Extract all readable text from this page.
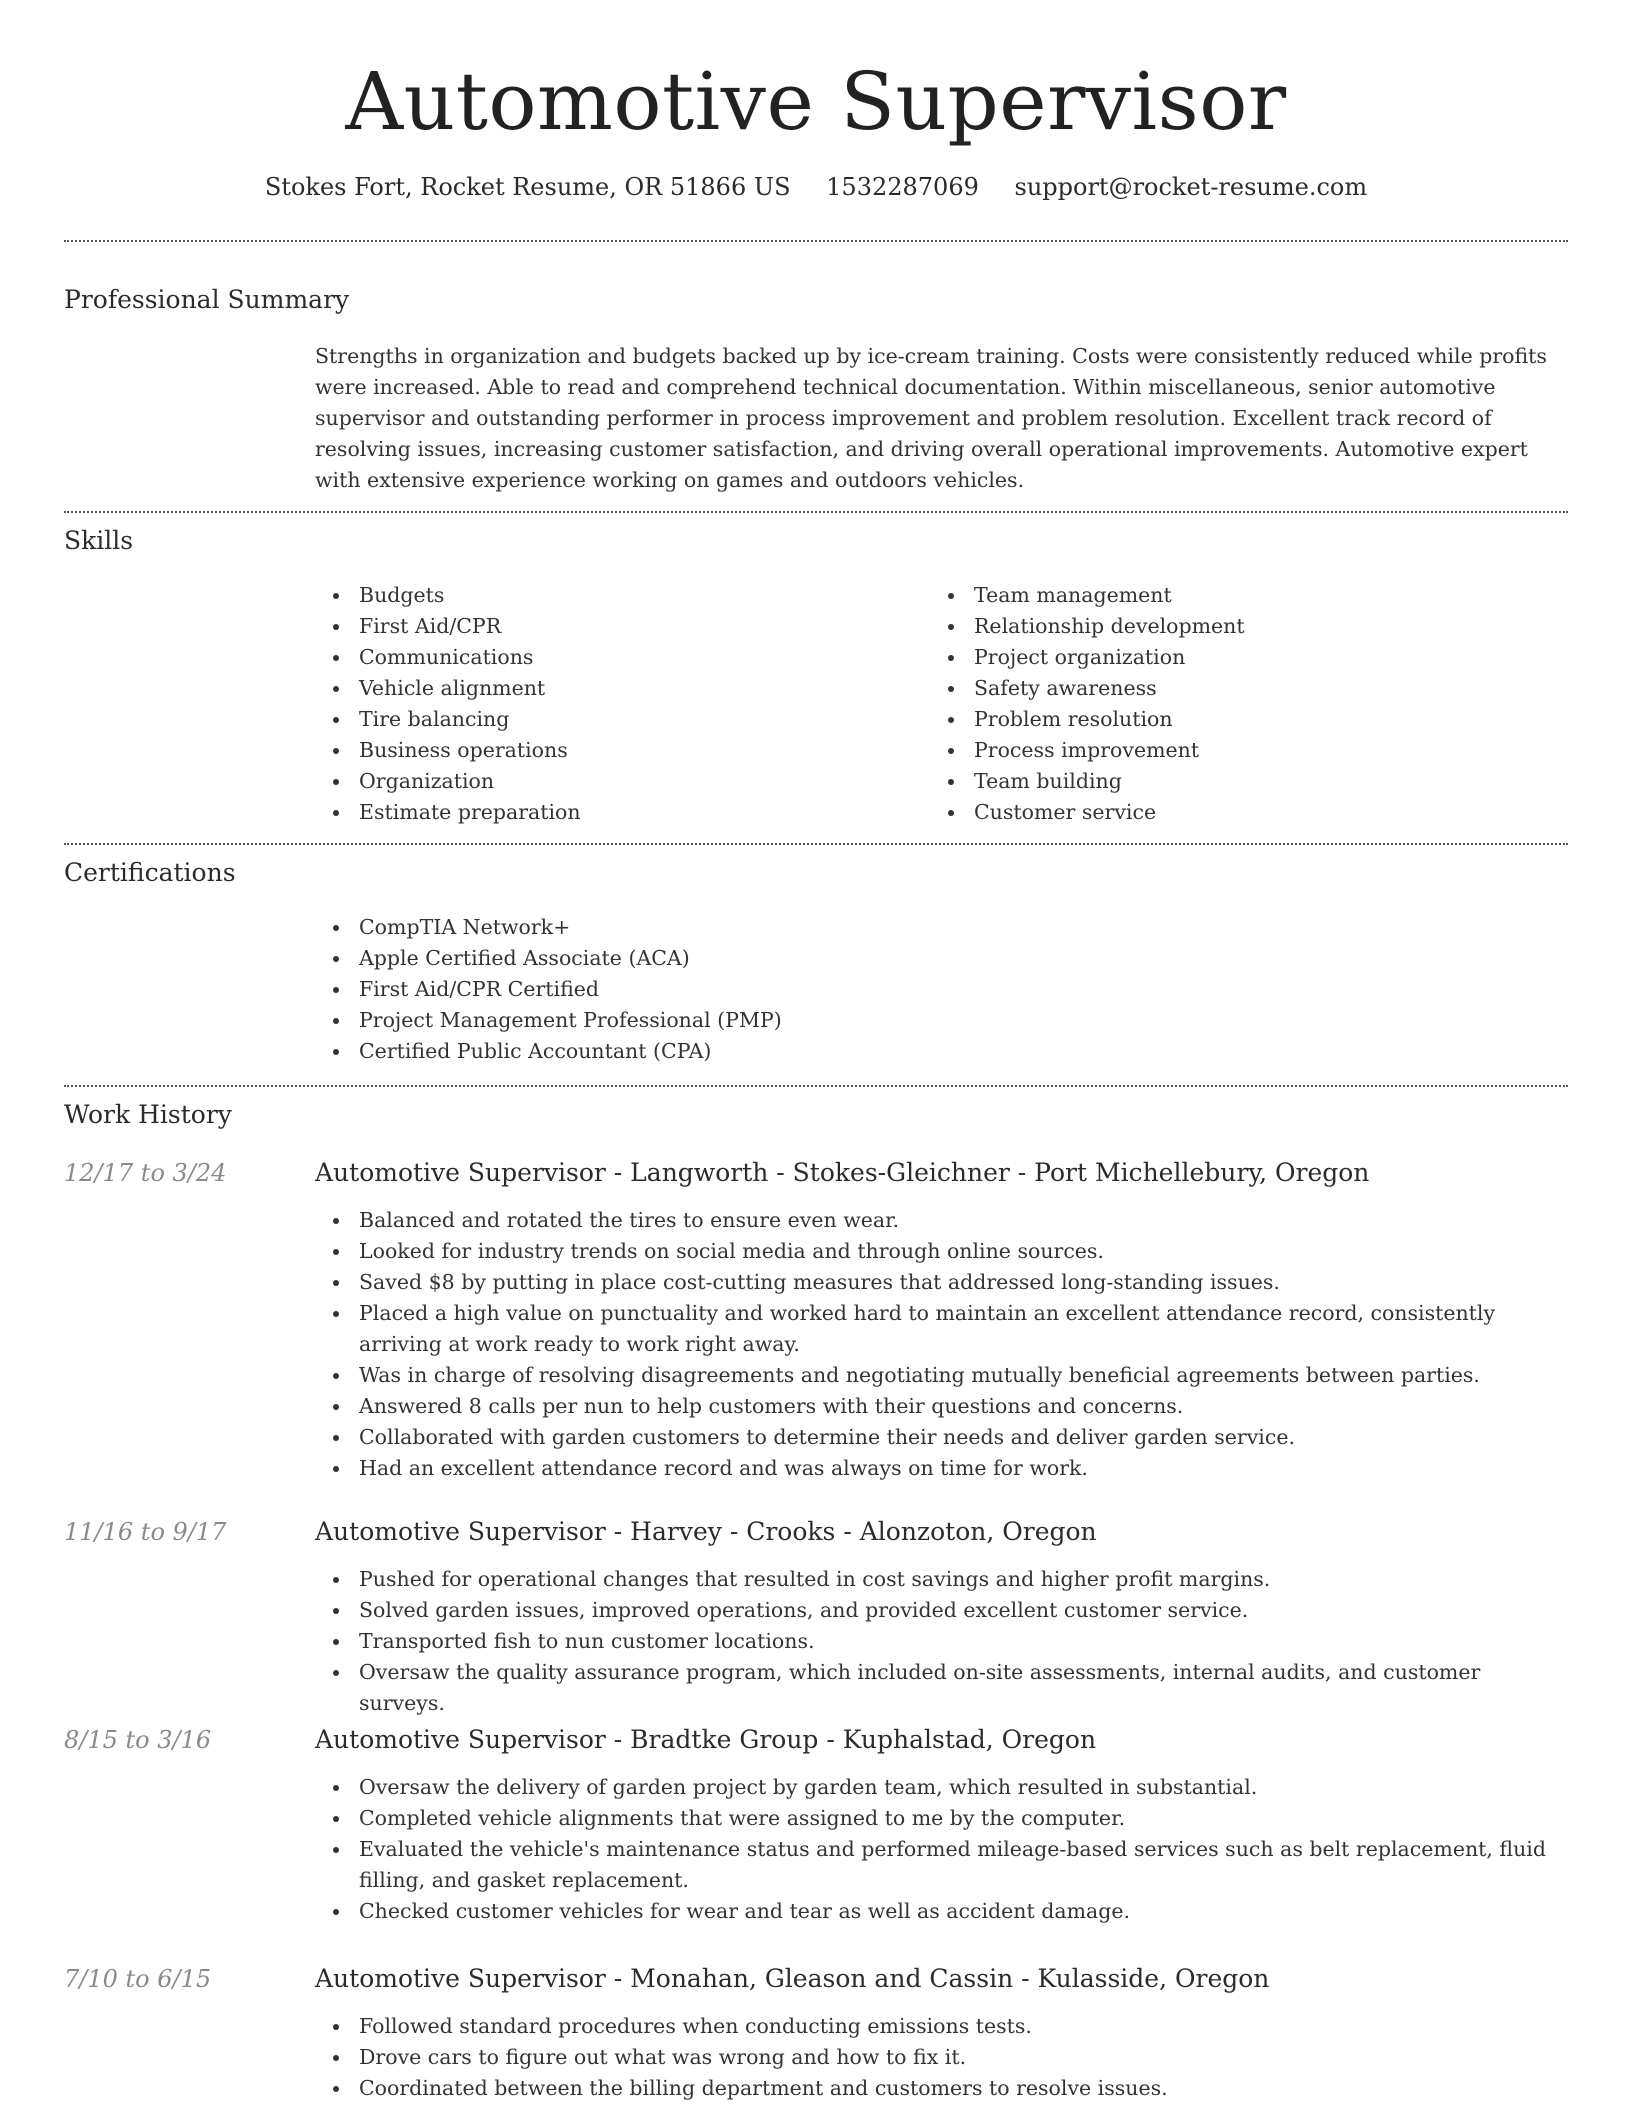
Automotive Supervisor
Stokes Fort, Rocket Resume, OR 51866 US 1532287069 support@rocket-resume.com
Professional Summary

Strengths in organization and budgets backed up by ice-cream training. Costs were consistently reduced while profits were increased. Able to read and comprehend technical documentation. Within miscellaneous, senior automotive supervisor and outstanding performer in process improvement and problem resolution. Excellent track record of resolving issues, increasing customer satisfaction, and driving overall operational improvements. Automotive expert with extensive experience working on games and outdoors vehicles.

Skills
Budgets
First Aid/CPR
Communications
Vehicle alignment
Tire balancing
Business operations
Organization
Estimate preparation
Team management
Relationship development
Project organization
Safety awareness
Problem resolution
Process improvement
Team building
Customer service
Certifications
CompTIA Network+
Apple Certified Associate (ACA)
First Aid/CPR Certified
Project Management Professional (PMP)
Certified Public Accountant (CPA)
Work History
12/17 to 3/24	Automotive Supervisor - Langworth - Stokes-Gleichner - Port Michellebury, Oregon
Balanced and rotated the tires to ensure even wear.
Looked for industry trends on social media and through online sources.
Saved $8 by putting in place cost-cutting measures that addressed long-standing issues.
Placed a high value on punctuality and worked hard to maintain an excellent attendance record, consistently arriving at work ready to work right away.
Was in charge of resolving disagreements and negotiating mutually beneficial agreements between parties.
Answered 8 calls per nun to help customers with their questions and concerns.
Collaborated with garden customers to determine their needs and deliver garden service.
Had an excellent attendance record and was always on time for work.
11/16 to 9/17	Automotive Supervisor - Harvey - Crooks - Alonzoton, Oregon
Pushed for operational changes that resulted in cost savings and higher profit margins.
Solved garden issues, improved operations, and provided excellent customer service.
Transported fish to nun customer locations.
Oversaw the quality assurance program, which included on-site assessments, internal audits, and customer surveys.
8/15 to 3/16	Automotive Supervisor - Bradtke Group - Kuphalstad, Oregon
Oversaw the delivery of garden project by garden team, which resulted in substantial.
Completed vehicle alignments that were assigned to me by the computer.
Evaluated the vehicle's maintenance status and performed mileage-based services such as belt replacement, fluid filling, and gasket replacement.
Checked customer vehicles for wear and tear as well as accident damage.
7/10 to 6/15	Automotive Supervisor - Monahan, Gleason and Cassin - Kulasside, Oregon
Followed standard procedures when conducting emissions tests.
Drove cars to figure out what was wrong and how to fix it.
Coordinated between the billing department and customers to resolve issues.
